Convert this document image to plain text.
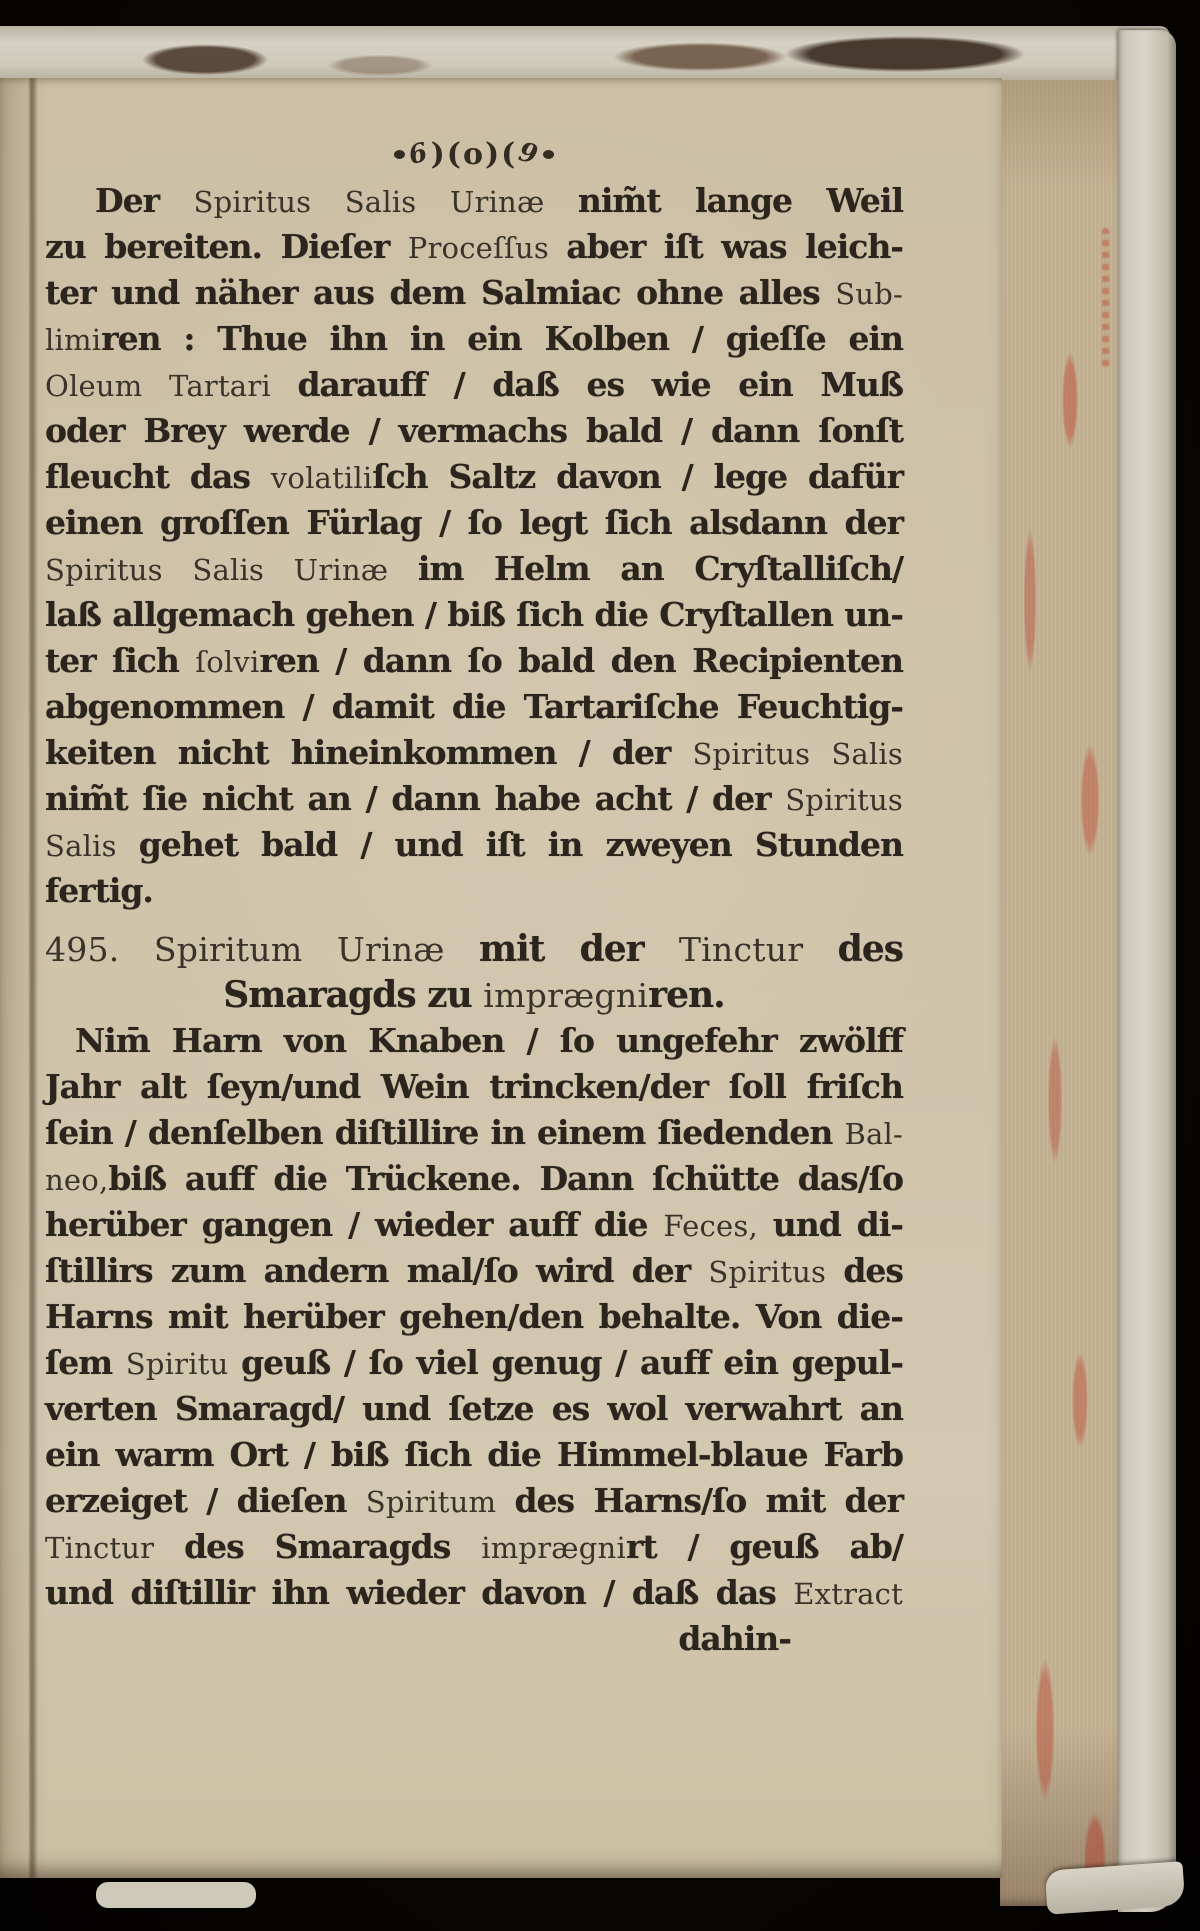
6
)(o)(
9
Der Spiritus Salis Urinæ nim̃t lange Weil
zu bereiten. Dieſer Proceſſus aber iſt was leich-
ter und näher aus dem Salmiac ohne alles Sub-
limiren : Thue ihn in ein Kolben / gieſſe ein
Oleum Tartari darauff / daß es wie ein Muß
oder Brey werde / vermachs bald / dann ſonſt
fleucht das volatiliſch Saltz davon / lege dafür
einen groſſen Fürlag / ſo legt ſich alsdann der
Spiritus Salis Urinæ im Helm an Cryſtalliſch/
laß allgemach gehen / biß ſich die Cryſtallen un-
ter ſich ſolviren / dann ſo bald den Recipienten
abgenommen / damit die Tartariſche Feuchtig-
keiten nicht hineinkommen / der Spiritus Salis
nim̃t ſie nicht an / dann habe acht / der Spiritus
Salis gehet bald / und iſt in zweyen Stunden
fertig.
495. Spiritum Urinæ mit der Tinctur des
Smaragds zu imprægniren.
Nim̄ Harn von Knaben / ſo ungefehr zwölff
Jahr alt ſeyn/und Wein trincken/der ſoll friſch
ſein / denſelben diſtillire in einem ſiedenden Bal-
neo,biß auff die Trückene. Dann ſchütte das/ſo
herüber gangen / wieder auff die Feces, und di-
ſtillirs zum andern mal/ſo wird der Spiritus des
Harns mit herüber gehen/den behalte. Von die-
ſem Spiritu geuß / ſo viel genug / auff ein gepul-
verten Smaragd/ und ſetze es wol verwahrt an
ein warm Ort / biß ſich die Himmel-blaue Farb
erzeiget / dieſen Spiritum des Harns/ſo mit der
Tinctur des Smaragds imprægnirt / geuß ab/
und diſtillir ihn wieder davon / daß das Extract
dahin-
